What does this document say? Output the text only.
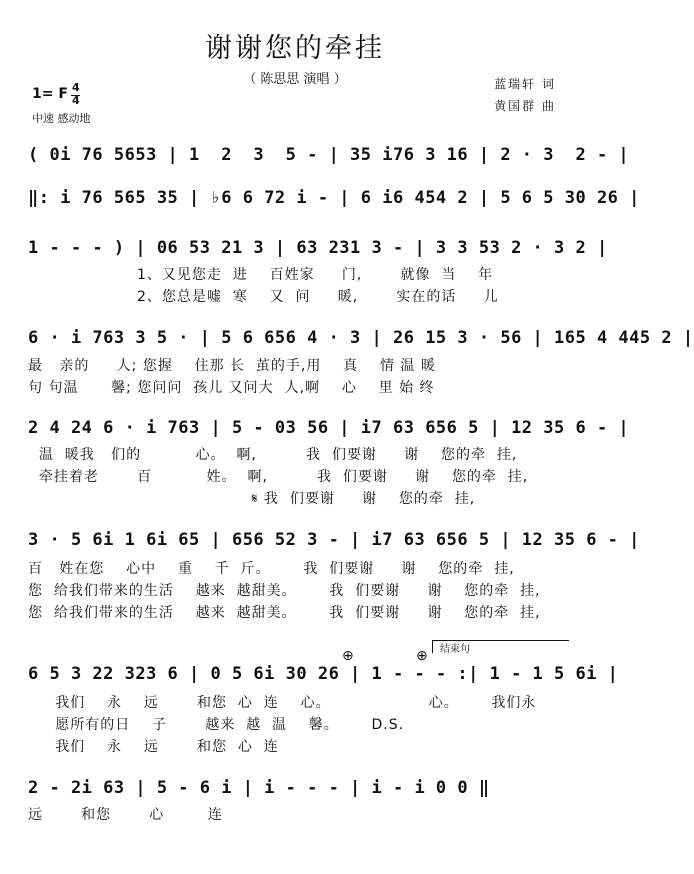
谢谢您的牵挂
（ 陈思思 演唱 ）	蓝瑞轩 词
黄国群 曲
1= F 4
4
中速 感动地
( 0i 76 5653 | 1  2  3  5 - | 35 i76 3 16 | 2 · 3  2 - |
‖: i 76 565 35 | ♭6 6 72 i - | 6 i6 454 2 | 5 6 5 30 26 |
1 - - - ) | 06 53 21 3 | 63 231 3 - | 3 3 53 2 · 3 2 |
1、又见您走  进    百姓家     门,       就像  当    年
2、您总是嘘  寒    又  问     暖,       实在的话     儿
6 · i 763 3 5 · | 5 6 656 4 · 3 | 26 15 3 · 56 | 165 4 445 2 |
最   亲的     人; 您握    住那 长  茧的手,用    真    情 温 暖
句 句温      馨; 您问问  孩儿 又问大  人,啊    心    里 始 终
2 4 24 6 · i 763 | 5 - 03 56 | i7 63 656 5 | 12 35 6 - |
温  暖我   们的          心。  啊,         我  们要谢     谢    您的牵  挂,
牵挂着老       百          姓。  啊,         我  们要谢     谢    您的牵  挂,
𝄋 我  们要谢     谢    您的牵  挂,
3 · 5 6i 1 6i 65 | 656 52 3 - | i7 63 656 5 | 12 35 6 - |
百   姓在您    心中    重    千  斤。      我  们要谢     谢    您的牵  挂,
您  给我们带来的生活    越来  越甜美。      我  们要谢     谢    您的牵  挂,
您  给我们带来的生活    越来  越甜美。      我  们要谢     谢    您的牵  挂,
⊕	⊕ 结束句
6 5 3 22 323 6 | 0 5 6i 30 26 | 1 - - - :| 1 - 1 5 6i |
我们    永    远       和您  心  连    心。                  心。      我们永
愿所有的日    子       越来  越  温    馨。      D.S.
我们    永    远       和您  心  连
2 - 2i 63 | 5 - 6 i | i - - - | i - i 0 0 ‖
远       和您       心        连
